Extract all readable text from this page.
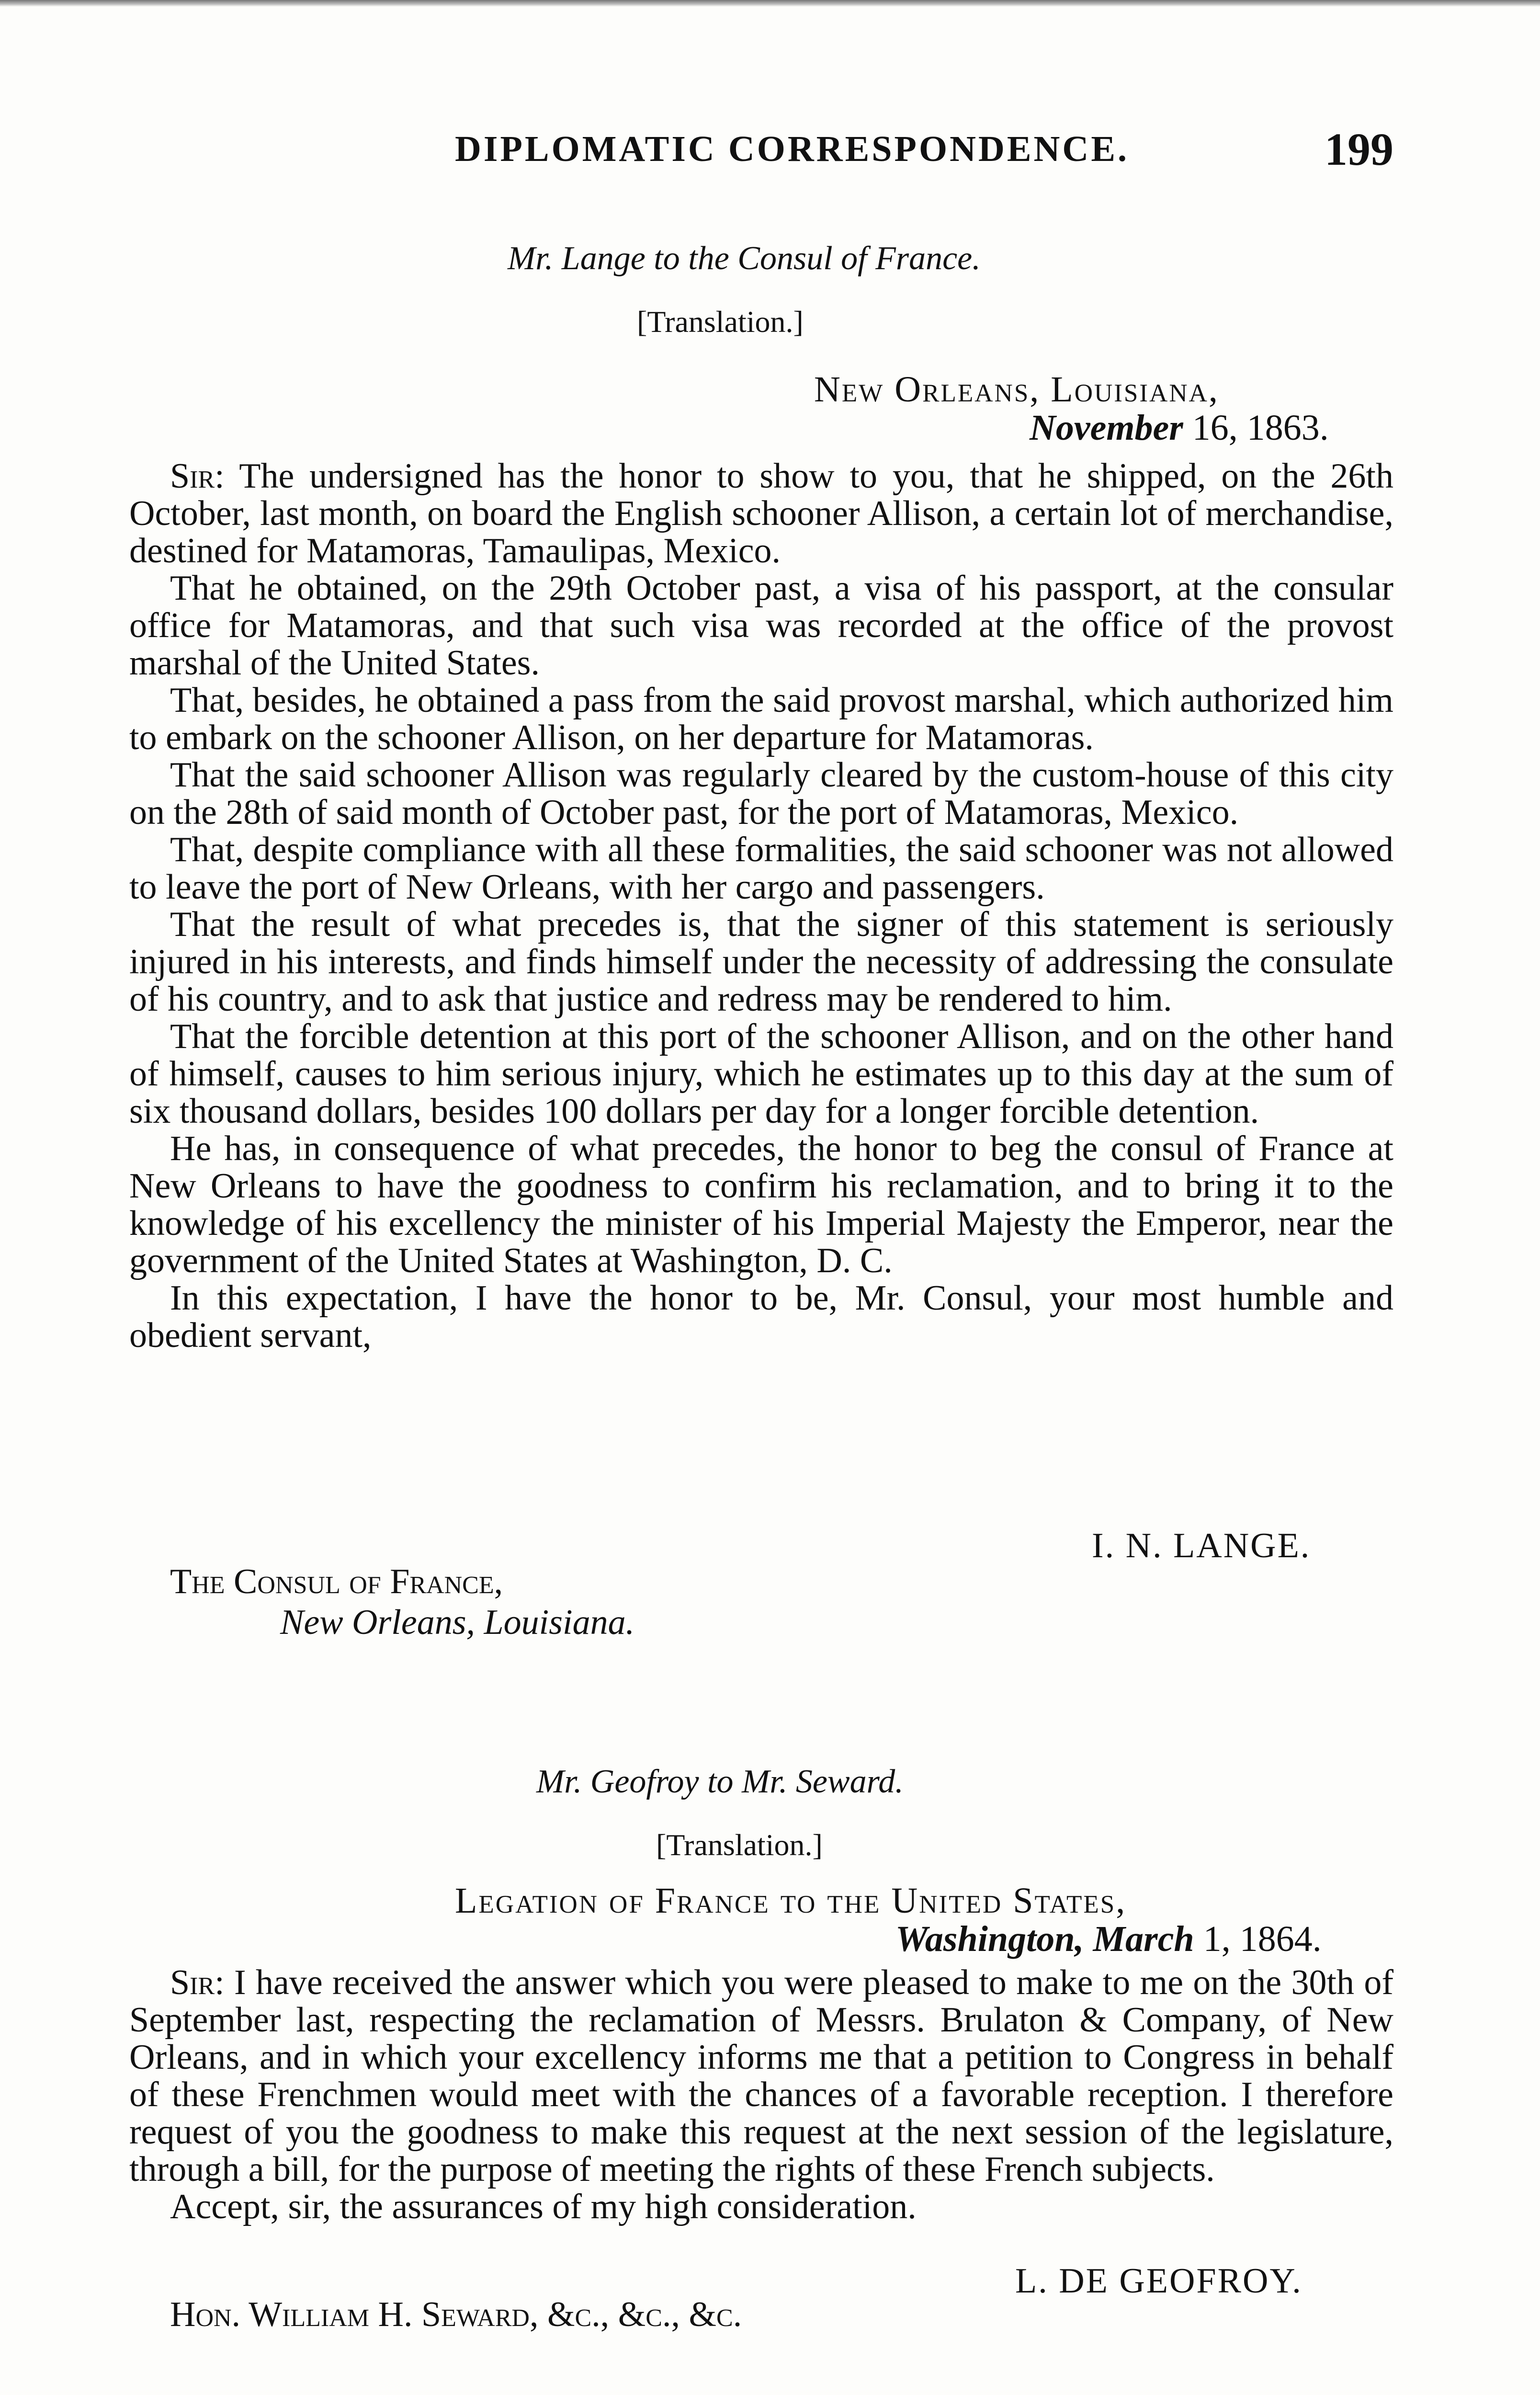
DIPLOMATIC CORRESPONDENCE.	199
Mr. Lange to the Consul of France.
[Translation.]
New Orleans, Louisiana,
November 16, 1863.

Sir: The undersigned has the honor to show to you, that he shipped, on the 26th October, last month, on board the English schooner Allison, a certain lot of merchandise, destined for Matamoras, Tamaulipas, Mexico.

That he obtained, on the 29th October past, a visa of his passport, at the consular office for Matamoras, and that such visa was recorded at the office of the provost marshal of the United States.

That, besides, he obtained a pass from the said provost marshal, which authorized him to embark on the schooner Allison, on her departure for Matamoras.

That the said schooner Allison was regularly cleared by the custom-house of this city on the 28th of said month of October past, for the port of Matamoras, Mexico.

That, despite compliance with all these formalities, the said schooner was not allowed to leave the port of New Orleans, with her cargo and passengers.

That the result of what precedes is, that the signer of this statement is seriously injured in his interests, and finds himself under the necessity of addressing the consulate of his country, and to ask that justice and redress may be rendered to him.

That the forcible detention at this port of the schooner Allison, and on the other hand of himself, causes to him serious injury, which he estimates up to this day at the sum of six thousand dollars, besides 100 dollars per day for a longer forcible detention.

He has, in consequence of what precedes, the honor to beg the consul of France at New Orleans to have the goodness to confirm his reclamation, and to bring it to the knowledge of his excellency the minister of his Imperial Majesty the Emperor, near the government of the United States at Washington, D. C.

In this expectation, I have the honor to be, Mr. Consul, your most humble and obedient servant,

I. N. LANGE.
The Consul of France,
New Orleans, Louisiana.
Mr. Geofroy to Mr. Seward.
[Translation.]
Legation of France to the United States,
Washington, March 1, 1864.

Sir: I have received the answer which you were pleased to make to me on the 30th of September last, respecting the reclamation of Messrs. Brulaton & Company, of New Orleans, and in which your excellency informs me that a petition to Congress in behalf of these Frenchmen would meet with the chances of a favorable reception. I therefore request of you the goodness to make this request at the next session of the legislature, through a bill, for the purpose of meeting the rights of these French subjects.

Accept, sir, the assurances of my high consideration.

L. DE GEOFROY.
Hon. William H. Seward, &c., &c., &c.
